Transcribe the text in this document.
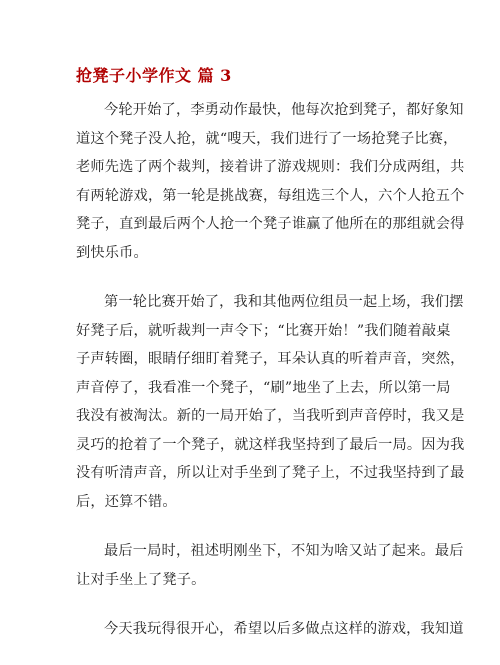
抢凳子小学作文 篇 3

今轮开始了，李勇动作最快，他每次抢到凳子，都好象知
道这个凳子没人抢，就“嗖天，我们进行了一场抢凳子比赛，
老师先选了两个裁判，接着讲了游戏规则：我们分成两组，共
有两轮游戏，第一轮是挑战赛，每组选三个人，六个人抢五个
凳子，直到最后两个人抢一个凳子谁赢了他所在的那组就会得
到快乐币。

第一轮比赛开始了，我和其他两位组员一起上场，我们摆
好凳子后，就听裁判一声令下；“比赛开始！”我们随着敲桌
子声转圈，眼睛仔细盯着凳子，耳朵认真的听着声音，突然，
声音停了，我看准一个凳子，“刷”地坐了上去，所以第一局
我没有被淘汰。新的一局开始了，当我听到声音停时，我又是
灵巧的抢着了一个凳子，就这样我坚持到了最后一局。因为我
没有听清声音，所以让对手坐到了凳子上，不过我坚持到了最
后，还算不错。

最后一局时，祖述明刚坐下，不知为啥又站了起来。最后
让对手坐上了凳子。

今天我玩得很开心，希望以后多做点这样的游戏，我知道
